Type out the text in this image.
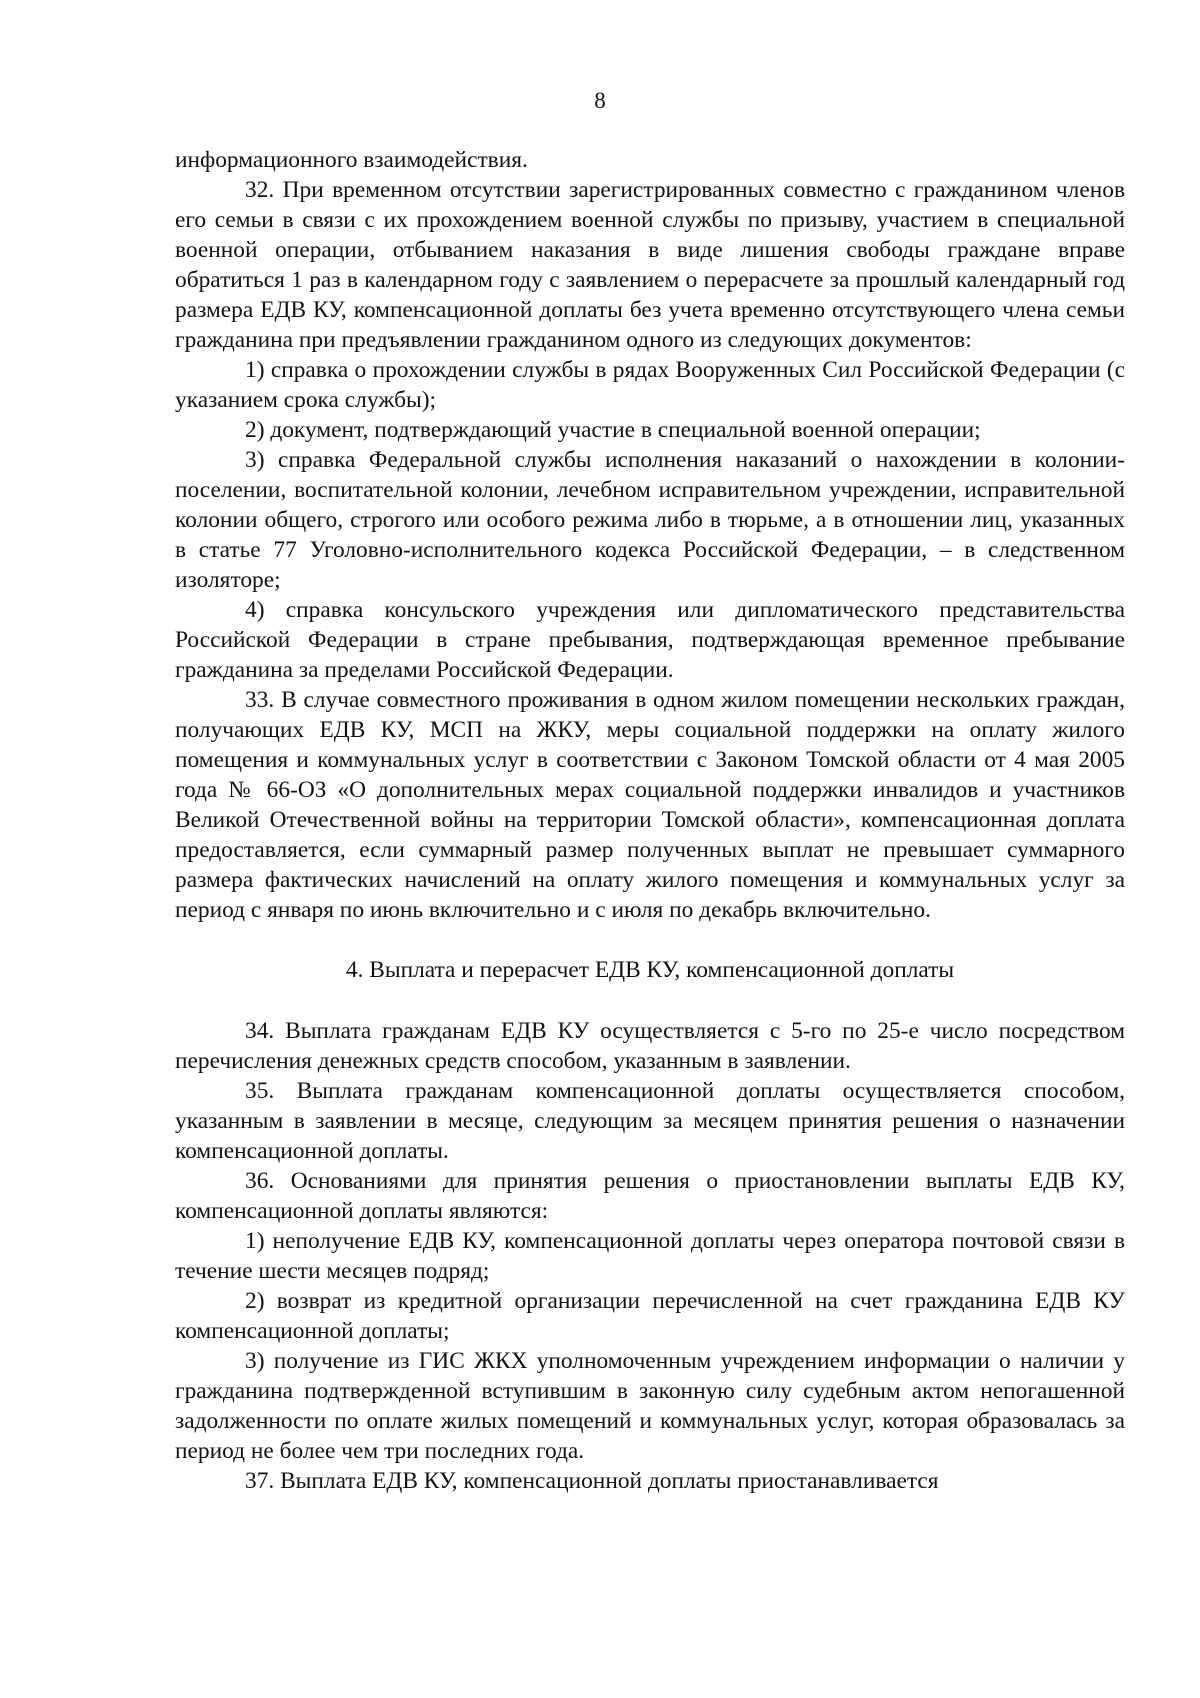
8

информационного взаимодействия.

32. При временном отсутствии зарегистрированных совместно с гражданином членов его семьи в связи с их прохождением военной службы по призыву, участием в специальной военной операции, отбыванием наказания в виде лишения свободы граждане вправе обратиться 1 раз в календарном году с заявлением о перерасчете за прошлый календарный год размера ЕДВ КУ, компенсационной доплаты без учета временно отсутствующего члена семьи гражданина при предъявлении гражданином одного из следующих документов:

1) справка о прохождении службы в рядах Вооруженных Сил Российской Федерации (с указанием срока службы);

2) документ, подтверждающий участие в специальной военной операции;

3) справка Федеральной службы исполнения наказаний о нахождении в колонии-поселении, воспитательной колонии, лечебном исправительном учреждении, исправительной колонии общего, строгого или особого режима либо в тюрьме, а в отношении лиц, указанных в статье 77 Уголовно-исполнительного кодекса Российской Федерации, – в следственном изоляторе;

4) справка консульского учреждения или дипломатического представительства Российской Федерации в стране пребывания, подтверждающая временное пребывание гражданина за пределами Российской Федерации.

33. В случае совместного проживания в одном жилом помещении нескольких граждан, получающих ЕДВ КУ, МСП на ЖКУ, меры социальной поддержки на оплату жилого помещения и коммунальных услуг в соответствии с Законом Томской области от 4 мая 2005 года № 66-ОЗ «О дополнительных мерах социальной поддержки инвалидов и участников Великой Отечественной войны на территории Томской области», компенсационная доплата предоставляется, если суммарный размер полученных выплат не превышает суммарного размера фактических начислений на оплату жилого помещения и коммунальных услуг за период с января по июнь включительно и с июля по декабрь включительно.

4. Выплата и перерасчет ЕДВ КУ, компенсационной доплаты

34. Выплата гражданам ЕДВ КУ осуществляется с 5-го по 25-е число посредством перечисления денежных средств способом, указанным в заявлении.

35. Выплата гражданам компенсационной доплаты осуществляется способом, указанным в заявлении в месяце, следующим за месяцем принятия решения о назначении компенсационной доплаты.

36. Основаниями для принятия решения о приостановлении выплаты ЕДВ КУ, компенсационной доплаты являются:

1) неполучение ЕДВ КУ, компенсационной доплаты через оператора почтовой связи в течение шести месяцев подряд;

2) возврат из кредитной организации перечисленной на счет гражданина ЕДВ КУ компенсационной доплаты;

3) получение из ГИС ЖКХ уполномоченным учреждением информации о наличии у гражданина подтвержденной вступившим в законную силу судебным актом непогашенной задолженности по оплате жилых помещений и коммунальных услуг, которая образовалась за период не более чем три последних года.

37. Выплата ЕДВ КУ, компенсационной доплаты приостанавливается
